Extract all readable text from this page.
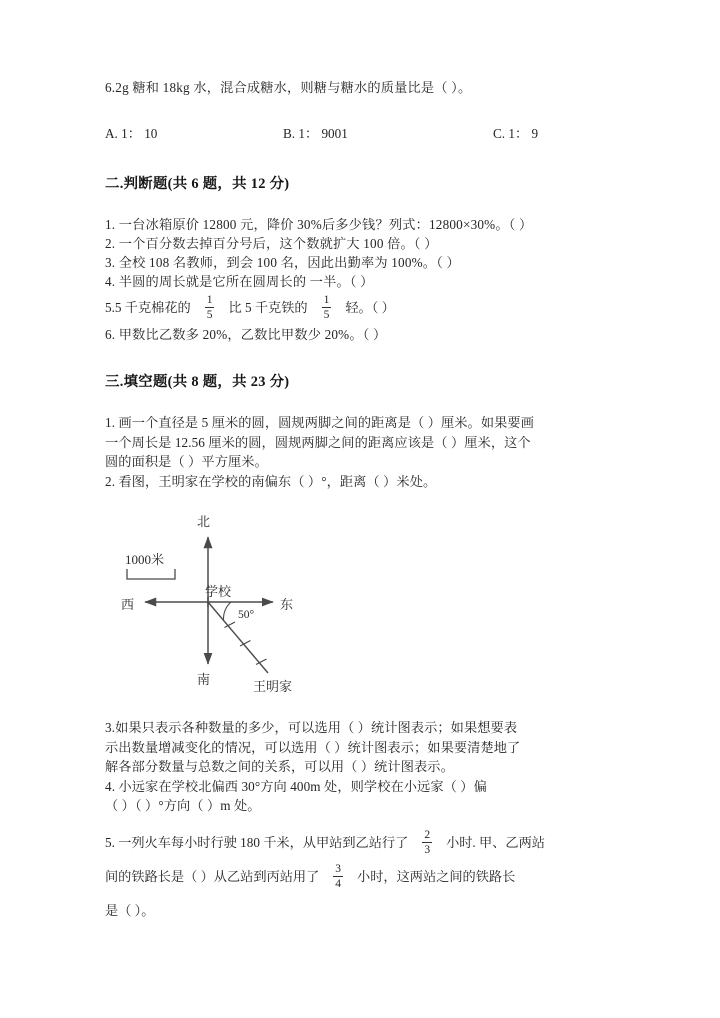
6.2g 糖和 18kg 水，混合成糖水，则糖与糖水的质量比是（ ）。
A. 1： 10	B. 1： 9001	C. 1： 9
二.判断题(共 6 题，共 12 分)
1. 一台冰箱原价 12800 元，降价 30%后多少钱？列式：12800×30%。（ ）
2. 一个百分数去掉百分号后，这个数就扩大 100 倍。（ ）
3. 全校 108 名教师，到会 100 名，因此出勤率为 100%。（ ）
4. 半圆的周长就是它所在圆周长的 一半。（ ）
5.5 千克棉花的 $\frac{1}{5}$ 比 5 千克铁的 $\frac{1}{5}$ 轻。（ ）
6. 甲数比乙数多 20%，乙数比甲数少 20%。（ ）
三.填空题(共 8 题，共 23 分)
1. 画一个直径是 5 厘米的圆，圆规两脚之间的距离是（ ）厘米。如果要画
一个周长是 12.56 厘米的圆，圆规两脚之间的距离应该是（ ）厘米，这个
圆的面积是（ ）平方厘米。
2. 看图，王明家在学校的南偏东（ ）°，距离（ ）米处。
北
南
东
西
学校
王明家
50°
1000米
3.如果只表示各种数量的多少，可以选用（ ）统计图表示；如果想要表
示出数量增减变化的情况，可以选用（ ）统计图表示；如果要清楚地了
解各部分数量与总数之间的关系，可以用（ ）统计图表示。
4. 小远家在学校北偏西 30°方向 400m 处，则学校在小远家（ ）偏
（ ）（ ）°方向（ ）m 处。
5. 一列火车每小时行驶 180 千米，从甲站到乙站行了 $\frac{2}{3}$ 小时. 甲、乙两站
间的铁路长是（ ）从乙站到丙站用了 $\frac{3}{4}$ 小时，这两站之间的铁路长
是（ ）。
